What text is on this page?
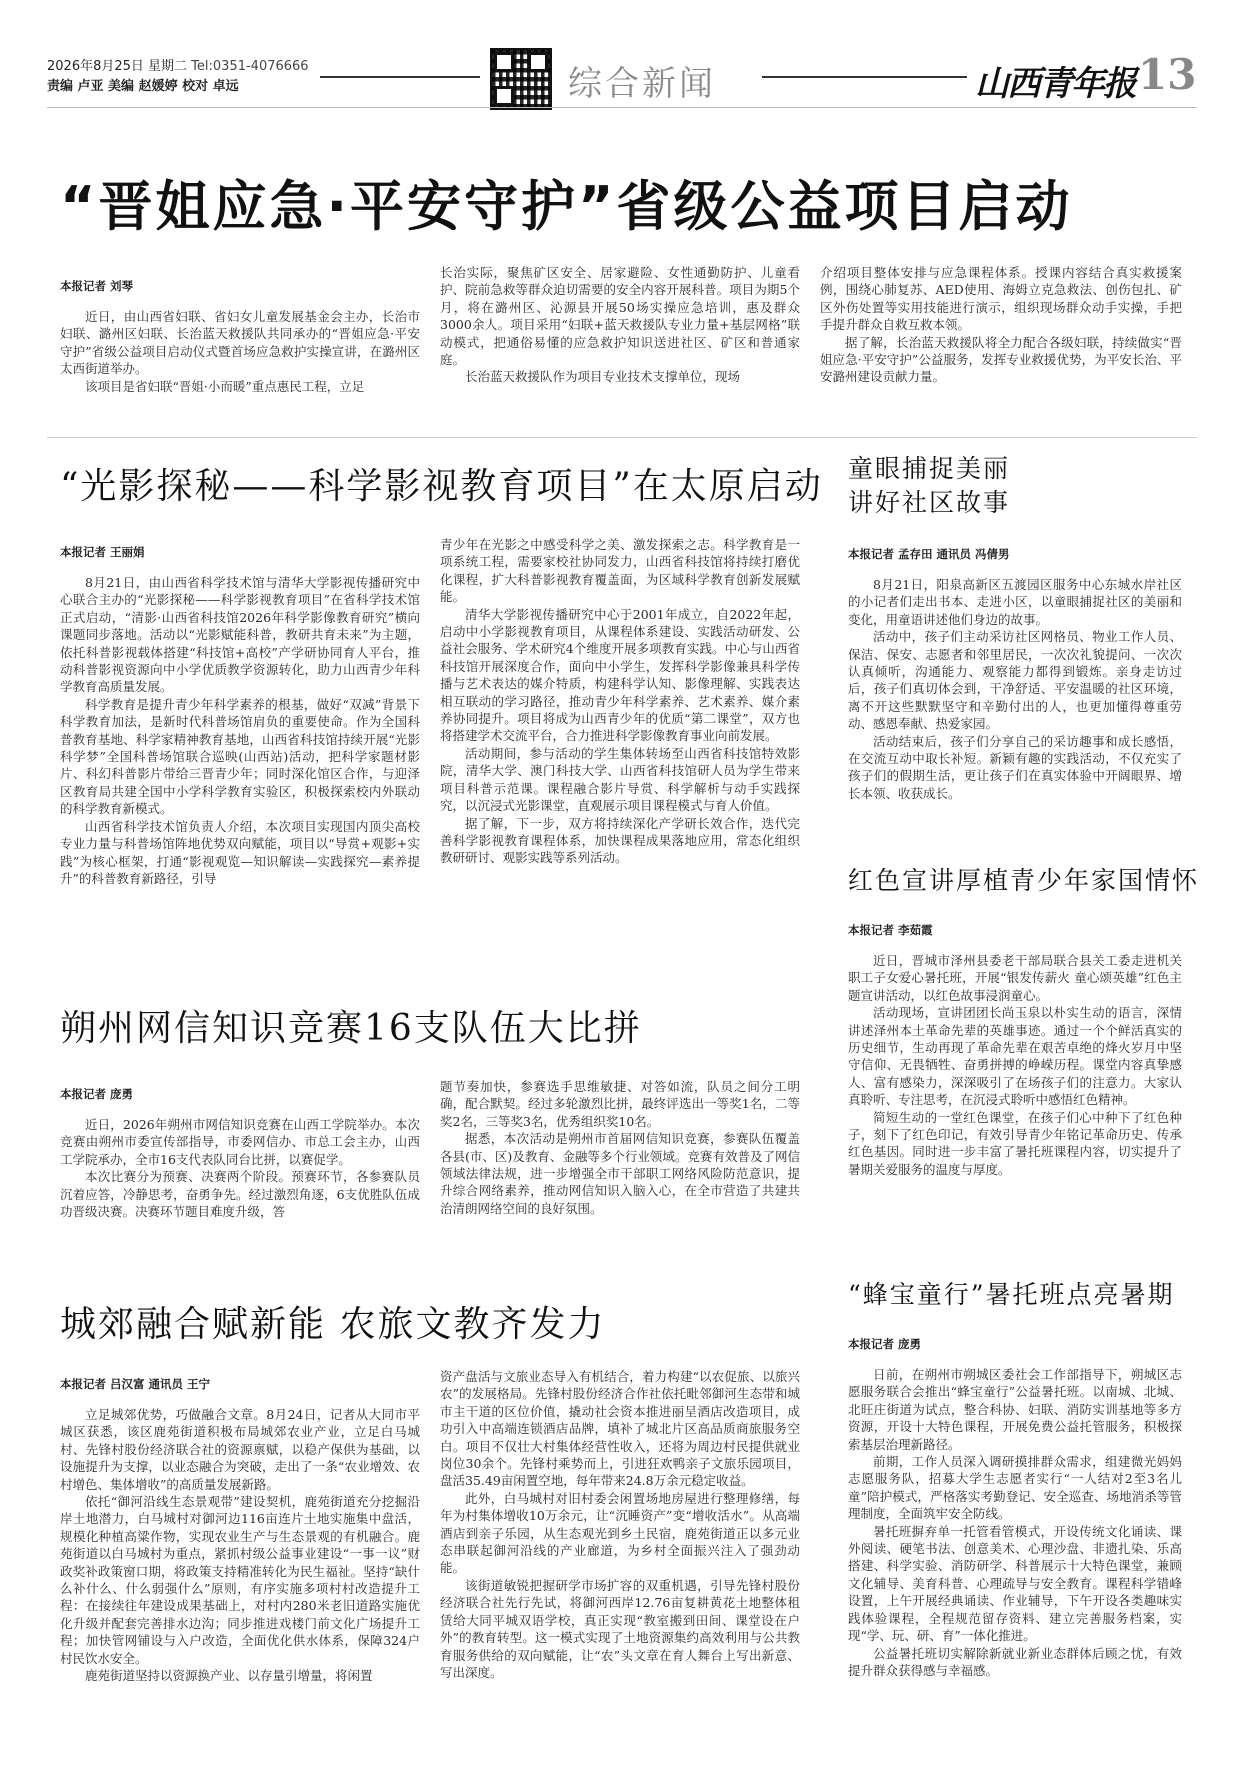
2026年8月25日 星期二 Tel:0351-4076666
责编 卢亚 美编 赵媛婷 校对 卓远	综合新闻	山西青年报 13
“晋姐应急·平安守护”省级公益项目启动
本报记者 刘琴

近日，由山西省妇联、省妇女儿童发展基金会主办，长治市妇联、潞州区妇联、长治蓝天救援队共同承办的“晋姐应急·平安守护”省级公益项目启动仪式暨首场应急救护实操宣讲，在潞州区太西街道举办。

该项目是省妇联“晋姐·小而暖”重点惠民工程，立足

长治实际，聚焦矿区安全、居家避险、女性通勤防护、儿童看护、院前急救等群众迫切需要的安全内容开展科普。项目为期5个月，将在潞州区、沁源县开展50场实操应急培训，惠及群众3000余人。项目采用“妇联+蓝天救援队专业力量+基层网格”联动模式，把通俗易懂的应急救护知识送进社区、矿区和普通家庭。

长治蓝天救援队作为项目专业技术支撑单位，现场

介绍项目整体安排与应急课程体系。授课内容结合真实救援案例，围绕心肺复苏、AED使用、海姆立克急救法、创伤包扎、矿区外伤处置等实用技能进行演示，组织现场群众动手实操，手把手提升群众自救互救本领。

据了解，长治蓝天救援队将全力配合各级妇联，持续做实“晋姐应急·平安守护”公益服务，发挥专业救援优势，为平安长治、平安潞州建设贡献力量。

“光影探秘——科学影视教育项目”在太原启动
本报记者 王丽娟

8月21日，由山西省科学技术馆与清华大学影视传播研究中心联合主办的“光影探秘——科学影视教育项目”在省科学技术馆正式启动，“清影·山西省科技馆2026年科学影像教育研究”横向课题同步落地。活动以“光影赋能科普，教研共育未来”为主题，依托科普影视载体搭建“科技馆+高校”产学研协同育人平台，推动科普影视资源向中小学优质教学资源转化，助力山西青少年科学教育高质量发展。

科学教育是提升青少年科学素养的根基，做好“双减”背景下科学教育加法，是新时代科普场馆肩负的重要使命。作为全国科普教育基地、科学家精神教育基地，山西省科技馆持续开展“光影科学梦”全国科普场馆联合巡映(山西站)活动，把科学家题材影片、科幻科普影片带给三晋青少年；同时深化馆区合作，与迎泽区教育局共建全国中小学科学教育实验区，积极探索校内外联动的科学教育新模式。

山西省科学技术馆负责人介绍，本次项目实现国内顶尖高校专业力量与科普场馆阵地优势双向赋能，项目以“导赏+观影+实践”为核心框架，打通“影视观览—知识解读—实践探究—素养提升”的科普教育新路径，引导

青少年在光影之中感受科学之美、激发探索之志。科学教育是一项系统工程，需要家校社协同发力，山西省科技馆将持续打磨优化课程，扩大科普影视教育覆盖面，为区域科学教育创新发展赋能。

清华大学影视传播研究中心于2001年成立，自2022年起，启动中小学影视教育项目，从课程体系建设、实践活动研发、公益社会服务、学术研究4个维度开展多项教育实践。中心与山西省科技馆开展深度合作，面向中小学生，发挥科学影像兼具科学传播与艺术表达的媒介特质，构建科学认知、影像理解、实践表达相互联动的学习路径，推动青少年科学素养、艺术素养、媒介素养协同提升。项目将成为山西青少年的优质“第二课堂”，双方也将搭建学术交流平台，合力推进科学影像教育事业向前发展。

活动期间，参与活动的学生集体转场至山西省科技馆特效影院，清华大学、澳门科技大学、山西省科技馆研人员为学生带来项目科普示范课。课程融合影片导赏、科学解析与动手实践探究，以沉浸式光影课堂，直观展示项目课程模式与育人价值。

据了解，下一步，双方将持续深化产学研长效合作，迭代完善科学影视教育课程体系，加快课程成果落地应用，常态化组织教研研讨、观影实践等系列活动。

朔州网信知识竞赛16支队伍大比拼
本报记者 庞勇

近日，2026年朔州市网信知识竞赛在山西工学院举办。本次竞赛由朔州市委宣传部指导，市委网信办、市总工会主办，山西工学院承办，全市16支代表队同台比拼，以赛促学。

本次比赛分为预赛、决赛两个阶段。预赛环节，各参赛队员沉着应答，冷静思考，奋勇争先。经过激烈角逐，6支优胜队伍成功晋级决赛。决赛环节题目难度升级，答

题节奏加快，参赛选手思维敏捷、对答如流，队员之间分工明确，配合默契。经过多轮激烈比拼，最终评选出一等奖1名，二等奖2名，三等奖3名，优秀组织奖10名。

据悉，本次活动是朔州市首届网信知识竞赛，参赛队伍覆盖各县(市、区)及教育、金融等多个行业领域。竞赛有效普及了网信领域法律法规，进一步增强全市干部职工网络风险防范意识，提升综合网络素养，推动网信知识入脑入心，在全市营造了共建共治清朗网络空间的良好氛围。

城郊融合赋新能 农旅文教齐发力
本报记者 吕汉富 通讯员 王宁

立足城郊优势，巧做融合文章。8月24日，记者从大同市平城区获悉，该区鹿苑街道积极布局城郊农业产业，立足白马城村、先锋村股份经济联合社的资源禀赋，以稳产保供为基础，以设施提升为支撑，以业态融合为突破，走出了一条“农业增效、农村增色、集体增收”的高质量发展新路。

依托“御河沿线生态景观带”建设契机，鹿苑街道充分挖掘沿岸土地潜力，白马城村对御河边116亩连片土地实施集中盘活，规模化种植高粱作物，实现农业生产与生态景观的有机融合。鹿苑街道以白马城村为重点，紧抓村级公益事业建设“一事一议”财政奖补政策窗口期，将政策支持精准转化为民生福祉。坚持“缺什么补什么、什么弱强什么”原则，有序实施多项村村改造提升工程：在接续往年建设成果基础上，对村内280米老旧道路实施优化升级并配套完善排水边沟；同步推进戏楼门前文化广场提升工程；加快管网铺设与入户改造，全面优化供水体系，保障324户村民饮水安全。

鹿苑街道坚持以资源换产业、以存量引增量，将闲置

资产盘活与文旅业态导入有机结合，着力构建“以农促旅、以旅兴农”的发展格局。先锋村股份经济合作社依托毗邻御河生态带和城市主干道的区位价值，撬动社会资本推进丽呈酒店改造项目，成功引入中高端连锁酒店品牌，填补了城北片区高品质商旅服务空白。项目不仅壮大村集体经营性收入，还将为周边村民提供就业岗位30余个。先锋村乘势而上，引进狂欢鸭亲子文旅乐园项目，盘活35.49亩闲置空地，每年带来24.8万余元稳定收益。

此外，白马城村对旧村委会闲置场地房屋进行整理修缮，每年为村集体增收10万余元，让“沉睡资产”变“增收活水”。从高端酒店到亲子乐园，从生态观光到乡土民宿，鹿苑街道正以多元业态串联起御河沿线的产业廊道，为乡村全面振兴注入了强劲动能。

该街道敏锐把握研学市场扩容的双重机遇，引导先锋村股份经济联合社先行先试，将御河西岸12.76亩复耕黄花土地整体租赁给大同平城双语学校，真正实现“教室搬到田间、课堂设在户外”的教育转型。这一模式实现了土地资源集约高效利用与公共教育服务供给的双向赋能，让“农”头文章在育人舞台上写出新意、写出深度。

童眼捕捉美丽
讲好社区故事
本报记者 孟存田 通讯员 冯倩男

8月21日，阳泉高新区五渡园区服务中心东城水岸社区的小记者们走出书本、走进小区，以童眼捕捉社区的美丽和变化，用童语讲述他们身边的故事。

活动中，孩子们主动采访社区网格员、物业工作人员、保洁、保安、志愿者和邻里居民，一次次礼貌提问、一次次认真倾听，沟通能力、观察能力都得到锻炼。亲身走访过后，孩子们真切体会到，干净舒适、平安温暖的社区环境，离不开这些默默坚守和辛勤付出的人，也更加懂得尊重劳动、感恩奉献、热爱家园。

活动结束后，孩子们分享自己的采访趣事和成长感悟，在交流互动中取长补短。新颖有趣的实践活动，不仅充实了孩子们的假期生活，更让孩子们在真实体验中开阔眼界、增长本领、收获成长。

红色宣讲厚植青少年家国情怀
本报记者 李茹霞

近日，晋城市泽州县委老干部局联合县关工委走进机关职工子女爱心暑托班，开展“银发传薪火 童心颂英雄”红色主题宣讲活动，以红色故事浸润童心。

活动现场，宣讲团团长尚玉泉以朴实生动的语言，深情讲述泽州本土革命先辈的英雄事迹。通过一个个鲜活真实的历史细节，生动再现了革命先辈在艰苦卓绝的烽火岁月中坚守信仰、无畏牺牲、奋勇拼搏的峥嵘历程。课堂内容真挚感人、富有感染力，深深吸引了在场孩子们的注意力。大家认真聆听、专注思考，在沉浸式聆听中感悟红色精神。

简短生动的一堂红色课堂，在孩子们心中种下了红色种子，刻下了红色印记，有效引导青少年铭记革命历史、传承红色基因。同时进一步丰富了暑托班课程内容，切实提升了暑期关爱服务的温度与厚度。

“蜂宝童行”暑托班点亮暑期
本报记者 庞勇

日前，在朔州市朔城区委社会工作部指导下，朔城区志愿服务联合会推出“蜂宝童行”公益暑托班。以南城、北城、北旺庄街道为试点，整合科协、妇联、消防实训基地等多方资源，开设十大特色课程，开展免费公益托管服务，积极探索基层治理新路径。

前期，工作人员深入调研摸排群众需求，组建微光妈妈志愿服务队，招募大学生志愿者实行“一人结对2至3名儿童”陪护模式，严格落实考勤登记、安全巡查、场地消杀等管理制度，全面筑牢安全防线。

暑托班摒弃单一托管看管模式，开设传统文化诵读、课外阅读、硬笔书法、创意美术、心理沙盘、非遗扎染、乐高搭建、科学实验、消防研学、科普展示十大特色课堂，兼顾文化辅导、美育科普、心理疏导与安全教育。课程科学错峰设置，上午开展经典诵读、作业辅导，下午开设各类趣味实践体验课程，全程规范留存资料、建立完善服务档案，实现“学、玩、研、育”一体化推进。

公益暑托班切实解除新就业新业态群体后顾之忧，有效提升群众获得感与幸福感。
